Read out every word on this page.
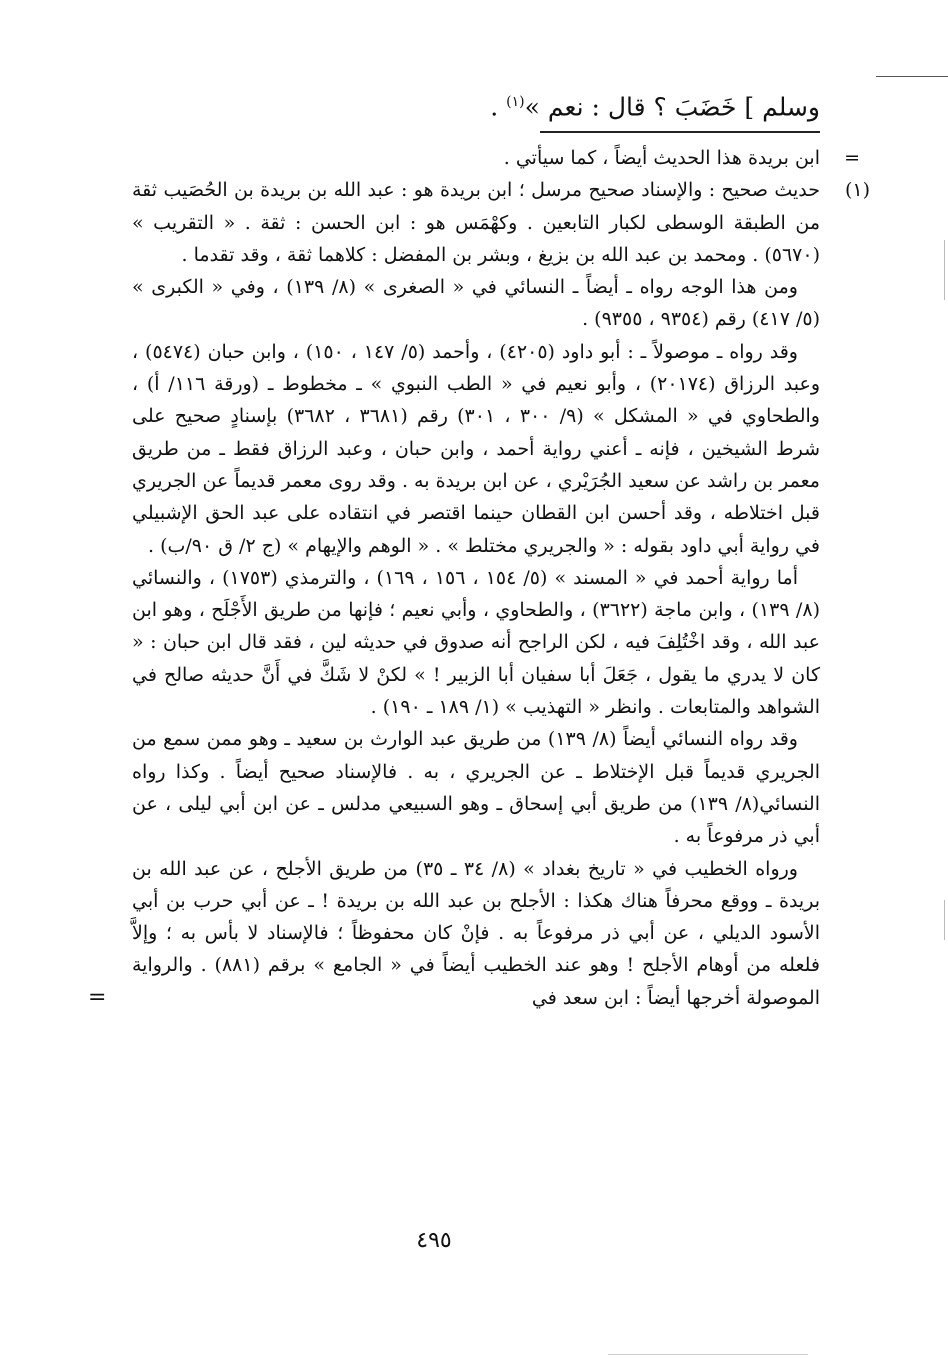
وسلم ] خَضَبَ ؟ قال : نعم »$^{(١)}$ .

=
ابن بريدة هذا الحديث أيضاً ، كما سيأتي .

(١)
حديث صحيح : والإسناد صحيح مرسل ؛ ابن بريدة هو : عبد الله بن بريدة بن الحُصَيب ثقة من الطبقة الوسطى لكبار التابعين . وكهْمَس هو : ابن الحسن : ثقة . « التقريب » (٥٦٧٠) . ومحمد بن عبد الله بن بزيغ ، وبشر بن المفضل : كلاهما ثقة ، وقد تقدما .

ومن هذا الوجه رواه ـ أيضاً ـ النسائي في « الصغرى » (٨/ ١٣٩) ، وفي « الكبرى » (٥/ ٤١٧) رقم (٩٣٥٤ ، ٩٣٥٥) .

وقد رواه ـ موصولاً ـ : أبو داود (٤٢٠٥) ، وأحمد (٥/ ١٤٧ ، ١٥٠) ، وابن حبان (٥٤٧٤) ، وعبد الرزاق (٢٠١٧٤) ، وأبو نعيم في « الطب النبوي » ـ مخطوط ـ (ورقة ١١٦/ أ) ، والطحاوي في « المشكل » (٩/ ٣٠٠ ، ٣٠١) رقم (٣٦٨١ ، ٣٦٨٢) بإسنادٍ صحيح على شرط الشيخين ، فإنه ـ أعني رواية أحمد ، وابن حبان ، وعبد الرزاق فقط ـ من طريق معمر بن راشد عن سعيد الجُرَيْري ، عن ابن بريدة به . وقد روى معمر قديماً عن الجريري قبل اختلاطه ، وقد أحسن ابن القطان حينما اقتصر في انتقاده على عبد الحق الإشبيلي في رواية أبي داود بقوله : « والجريري مختلط » . « الوهم والإيهام » (ج ٢/ ق ٩٠/ب) .

أما رواية أحمد في « المسند » (٥/ ١٥٤ ، ١٥٦ ، ١٦٩) ، والترمذي (١٧٥٣) ، والنسائي (٨/ ١٣٩) ، وابن ماجة (٣٦٢٢) ، والطحاوي ، وأبي نعيم ؛ فإنها من طريق الأَجْلَح ، وهو ابن عبد الله ، وقد اخْتُلِفَ فيه ، لكن الراجح أنه صدوق في حديثه لين ، فقد قال ابن حبان : « كان لا يدري ما يقول ، جَعَلَ أبا سفيان أبا الزبير ! » لكنْ لا شَكَّ في أَنَّ حديثه صالح في الشواهد والمتابعات . وانظر « التهذيب » (١/ ١٨٩ ـ ١٩٠) .

وقد رواه النسائي أيضاً (٨/ ١٣٩) من طريق عبد الوارث بن سعيد ـ وهو ممن سمع من الجريري قديماً قبل الإختلاط ـ عن الجريري ، به . فالإسناد صحيح أيضاً . وكذا رواه النسائي(٨/ ١٣٩) من طريق أبي إسحاق ـ وهو السبيعي مدلس ـ عن ابن أبي ليلى ، عن أبي ذر مرفوعاً به .

ورواه الخطيب في « تاريخ بغداد » (٨/ ٣٤ ـ ٣٥) من طريق الأجلح ، عن عبد الله بن بريدة ـ ووقع محرفاً هناك هكذا : الأجلح بن عبد الله بن بريدة ! ـ عن أبي حرب بن أبي الأسود الديلي ، عن أبي ذر مرفوعاً به . فإنْ كان محفوظاً ؛ فالإسناد لا بأس به ؛ وإلاَّ فلعله من أوهام الأجلح ! وهو عند الخطيب أيضاً في « الجامع » برقم (٨٨١) . والرواية الموصولة أخرجها أيضاً : ابن سعد في
=

٤٩٥
